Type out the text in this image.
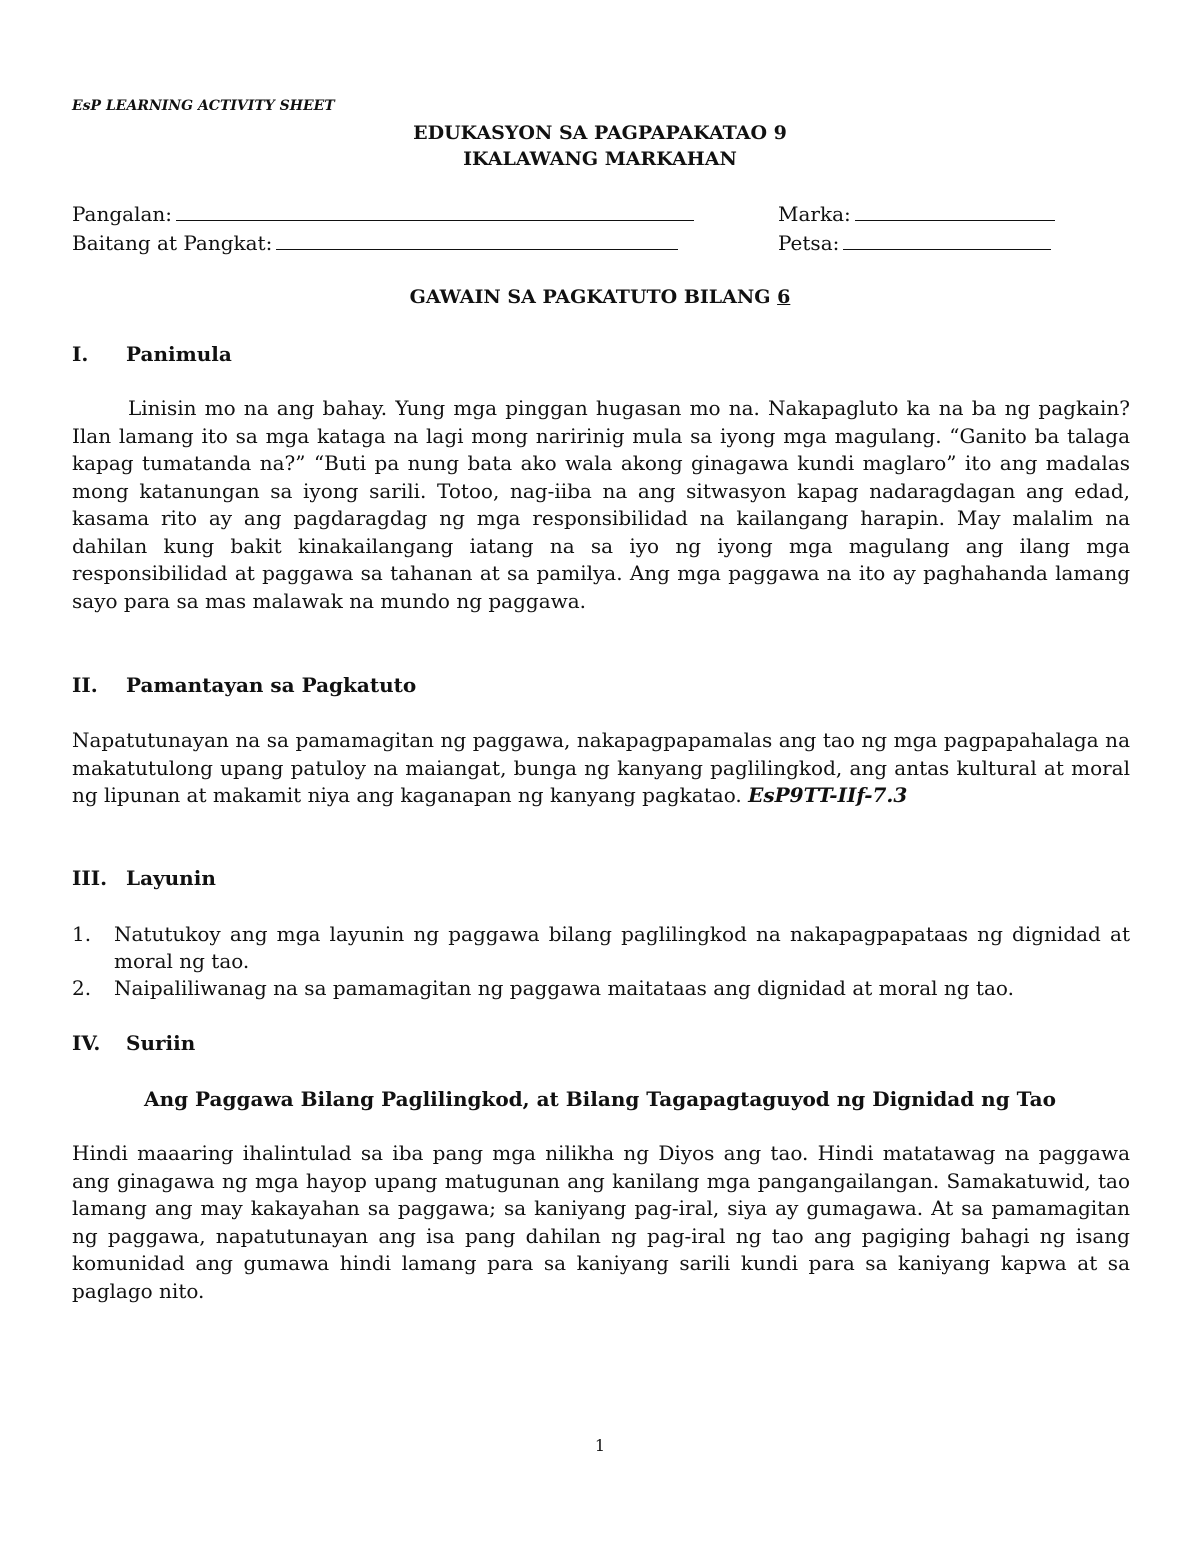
EsP LEARNING ACTIVITY SHEET
EDUKASYON SA PAGPAPAKATAO 9
IKALAWANG MARKAHAN
Pangalan:	Marka:
Baitang at Pangkat:	Petsa:
GAWAIN SA PAGKATUTO BILANG 6
I. Panimula

Linisin mo na ang bahay. Yung mga pinggan hugasan mo na. Nakapagluto ka na ba ng pagkain? Ilan lamang ito sa mga kataga na lagi mong naririnig mula sa iyong mga magulang. “Ganito ba talaga kapag tumatanda na?” “Buti pa nung bata ako wala akong ginagawa kundi maglaro” ito ang madalas mong katanungan sa iyong sarili. Totoo, nag-iiba na ang sitwasyon kapag nadaragdagan ang edad, kasama rito ay ang pagdaragdag ng mga responsibilidad na kailangang harapin. May malalim na dahilan kung bakit kinakailangang iatang na sa iyo ng iyong mga magulang ang ilang mga responsibilidad at paggawa sa tahanan at sa pamilya. Ang mga paggawa na ito ay paghahanda lamang sayo para sa mas malawak na mundo ng paggawa.

II. Pamantayan sa Pagkatuto

Napatutunayan na sa pamamagitan ng paggawa, nakapagpapamalas ang tao ng mga pagpapahalaga na makatutulong upang patuloy na maiangat, bunga ng kanyang paglilingkod, ang antas kultural at moral ng lipunan at makamit niya ang kaganapan ng kanyang pagkatao. EsP9TT-IIf-7.3

III. Layunin
1. Natutukoy ang mga layunin ng paggawa bilang paglilingkod na nakapagpapataas ng dignidad at moral ng tao.
2. Naipaliliwanag na sa pamamagitan ng paggawa maitataas ang dignidad at moral ng tao.
IV. Suriin
Ang Paggawa Bilang Paglilingkod, at Bilang Tagapagtaguyod ng Dignidad ng Tao

Hindi maaaring ihalintulad sa iba pang mga nilikha ng Diyos ang tao. Hindi matatawag na paggawa ang ginagawa ng mga hayop upang matugunan ang kanilang mga pangangailangan. Samakatuwid, tao lamang ang may kakayahan sa paggawa; sa kaniyang pag-iral, siya ay gumagawa. At sa pamamagitan ng paggawa, napatutunayan ang isa pang dahilan ng pag-iral ng tao ang pagiging bahagi ng isang komunidad ang gumawa hindi lamang para sa kaniyang sarili kundi para sa kaniyang kapwa at sa paglago nito.

1
